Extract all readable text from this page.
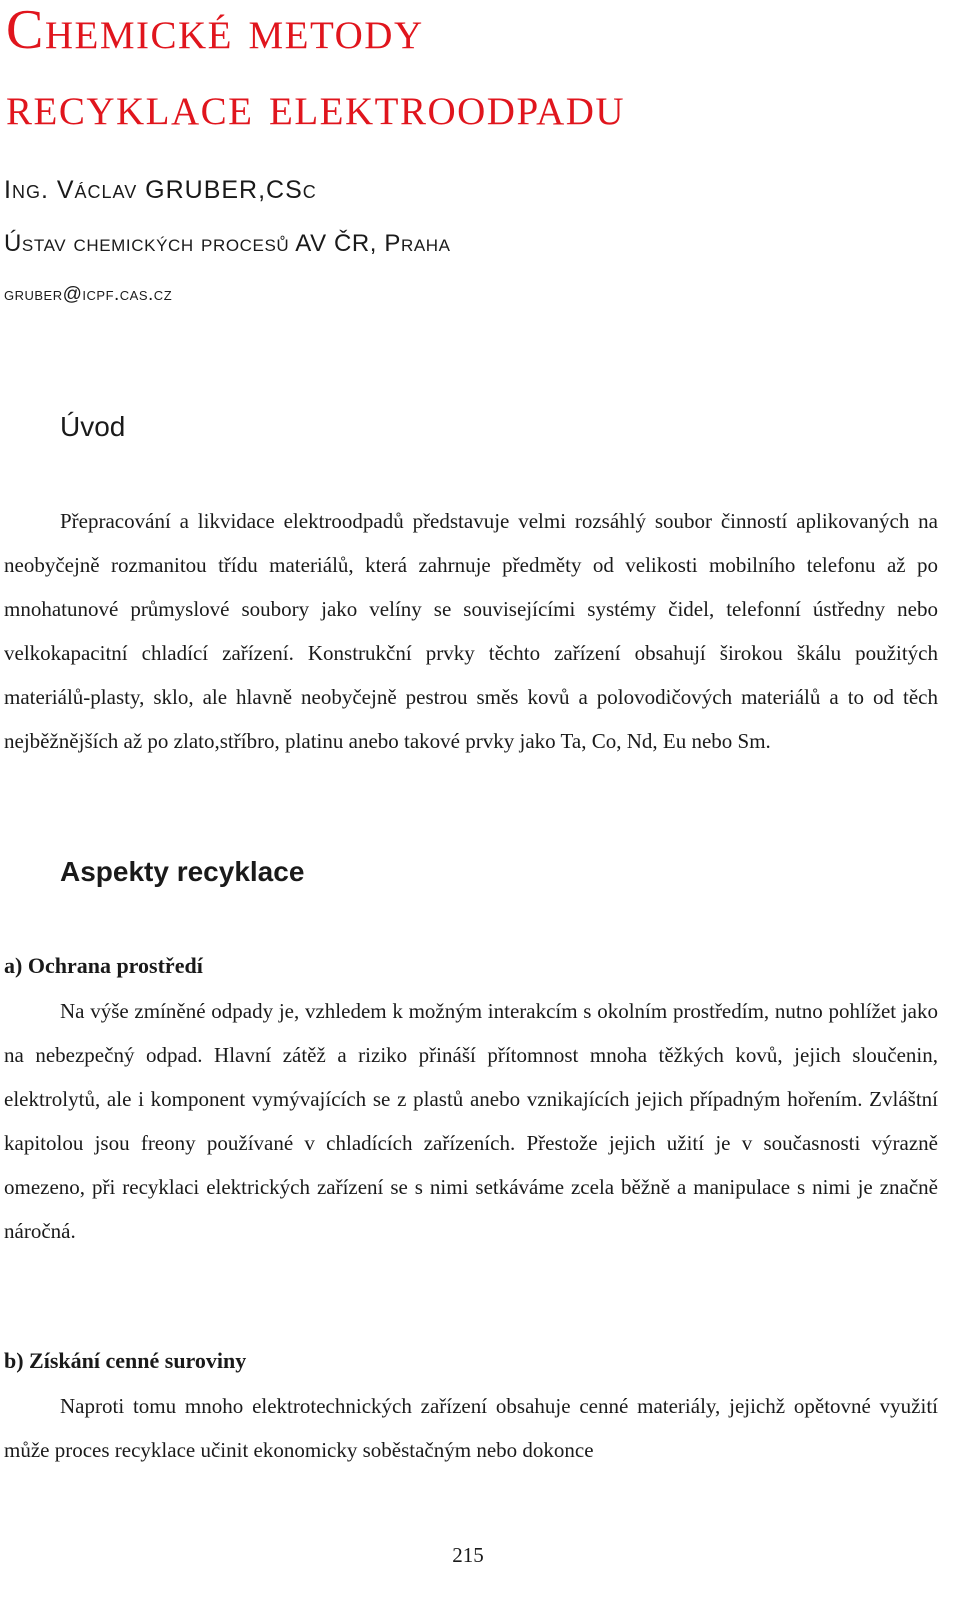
Chemické metody
recyklace elektroodpadu

Ing. Václav GRUBER,CSc

Ústav chemických procesů AV ČR, Praha

gruber@icpf.cas.cz

Úvod

Přepracování a likvidace elektroodpadů představuje velmi rozsáhlý soubor činností aplikovaných na neobyčejně rozmanitou třídu materiálů, která zahrnuje předměty od velikosti mobilního telefonu až po mnohatunové průmyslové soubory jako velíny se souvisejícími systémy čidel, telefonní ústředny nebo velkokapacitní chladící zařízení. Konstrukční prvky těchto zařízení obsahují širokou škálu použitých materiálů-plasty, sklo, ale hlavně neobyčejně pestrou směs kovů a polovodičových materiálů a to od těch nejběžnějších až po zlato,stříbro, platinu anebo takové prvky jako Ta, Co, Nd, Eu nebo Sm.

Aspekty recyklace
a) Ochrana prostředí

Na výše zmíněné odpady je, vzhledem k možným interakcím s okolním prostředím, nutno pohlížet jako na nebezpečný odpad. Hlavní zátěž a riziko přináší přítomnost mnoha těžkých kovů, jejich sloučenin, elektrolytů, ale i komponent vymývajících se z plastů anebo vznikajících jejich případným hořením. Zvláštní kapitolou jsou freony používané v chladících zařízeních. Přestože jejich užití je v současnosti výrazně omezeno, při recyklaci elektrických zařízení se s nimi setkáváme zcela běžně a manipulace s nimi je značně náročná.

b) Získání cenné suroviny

Naproti tomu mnoho elektrotechnických zařízení obsahuje cenné materiály, jejichž opětovné využití může proces recyklace učinit ekonomicky soběstačným nebo dokonce

215
